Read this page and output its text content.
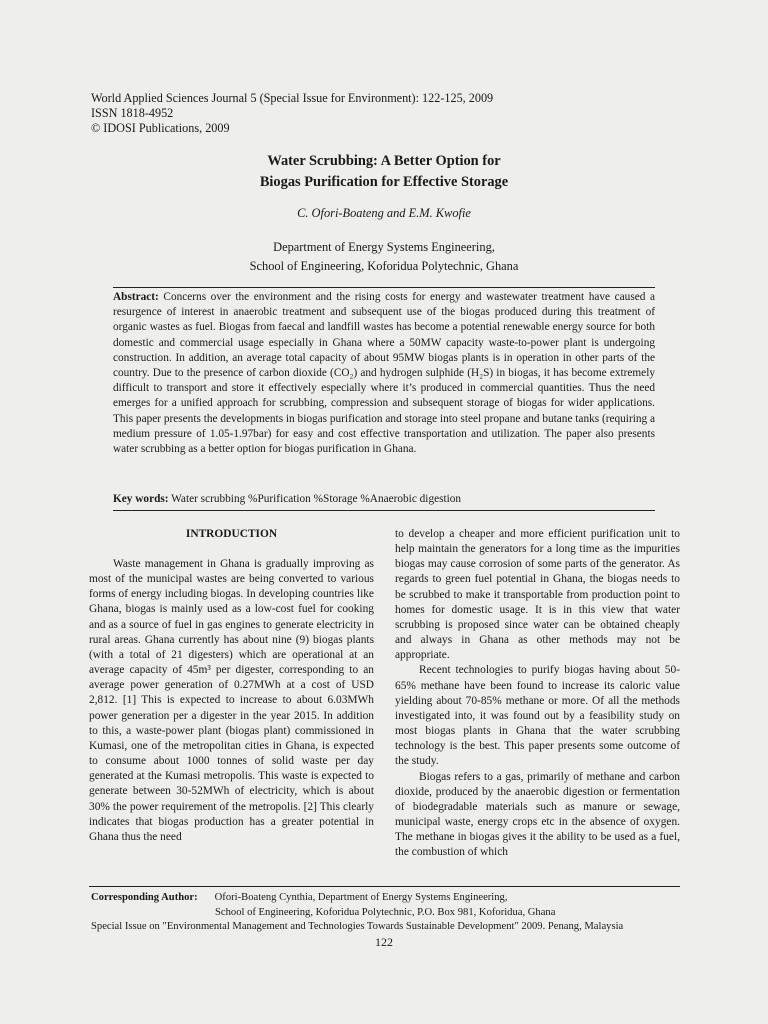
World Applied Sciences Journal 5 (Special Issue for Environment): 122-125, 2009
ISSN 1818-4952
© IDOSI Publications, 2009
Water Scrubbing: A Better Option for
Biogas Purification for Effective Storage
C. Ofori-Boateng and E.M. Kwofie
Department of Energy Systems Engineering,
School of Engineering, Koforidua Polytechnic, Ghana
Abstract: Concerns over the environment and the rising costs for energy and wastewater treatment have caused a resurgence of interest in anaerobic treatment and subsequent use of the biogas produced during this treatment of organic wastes as fuel. Biogas from faecal and landfill wastes has become a potential renewable energy source for both domestic and commercial usage especially in Ghana where a 50MW capacity waste-to-power plant is undergoing construction. In addition, an average total capacity of about 95MW biogas plants is in operation in other parts of the country. Due to the presence of carbon dioxide (CO₂) and hydrogen sulphide (H₂S) in biogas, it has become extremely difficult to transport and store it effectively especially where it’s produced in commercial quantities. Thus the need emerges for a unified approach for scrubbing, compression and subsequent storage of biogas for wider applications. This paper presents the developments in biogas purification and storage into steel propane and butane tanks (requiring a medium pressure of 1.05-1.97bar) for easy and cost effective transportation and utilization. The paper also presents water scrubbing as a better option for biogas purification in Ghana.
Key words: Water scrubbing %Purification %Storage %Anaerobic digestion
INTRODUCTION

Waste management in Ghana is gradually improving as most of the municipal wastes are being converted to various forms of energy including biogas. In developing countries like Ghana, biogas is mainly used as a low-cost fuel for cooking and as a source of fuel in gas engines to generate electricity in rural areas. Ghana currently has about nine (9) biogas plants (with a total of 21 digesters) which are operational at an average capacity of 45m³ per digester, corresponding to an average power generation of 0.27MWh at a cost of USD 2,812. [1] This is expected to increase to about 6.03MWh power generation per a digester in the year 2015. In addition to this, a waste-power plant (biogas plant) commissioned in Kumasi, one of the metropolitan cities in Ghana, is expected to consume about 1000 tonnes of solid waste per day generated at the Kumasi metropolis. This waste is expected to generate between 30-52MWh of electricity, which is about 30% the power requirement of the metropolis. [2] This clearly indicates that biogas production has a greater potential in Ghana thus the need

to develop a cheaper and more efficient purification unit to help maintain the generators for a long time as the impurities biogas may cause corrosion of some parts of the generator. As regards to green fuel potential in Ghana, the biogas needs to be scrubbed to make it transportable from production point to homes for domestic usage. It is in this view that water scrubbing is proposed since water can be obtained cheaply and always in Ghana as other methods may not be appropriate.

Recent technologies to purify biogas having about 50-65% methane have been found to increase its caloric value yielding about 70-85% methane or more. Of all the methods investigated into, it was found out by a feasibility study on most biogas plants in Ghana that the water scrubbing technology is the best. This paper presents some outcome of the study.

Biogas refers to a gas, primarily of methane and carbon dioxide, produced by the anaerobic digestion or fermentation of biodegradable materials such as manure or sewage, municipal waste, energy crops etc in the absence of oxygen. The methane in biogas gives it the ability to be used as a fuel, the combustion of which

Corresponding Author: Ofori-Boateng Cynthia, Department of Energy Systems Engineering,
School of Engineering, Koforidua Polytechnic, P.O. Box 981, Koforidua, Ghana
Special Issue on "Environmental Management and Technologies Towards Sustainable Development" 2009. Penang, Malaysia
122
